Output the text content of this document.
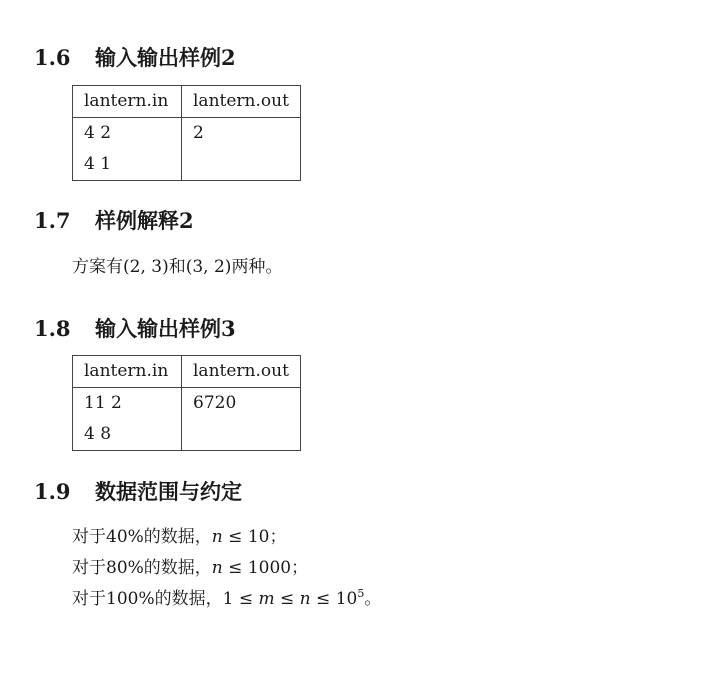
1.6 输入输出样例2
lantern.in	lantern.out
4 2	2
4 1	
1.7 样例解释2
方案有(2, 3)和(3, 2)两种。
1.8 输入输出样例3
lantern.in	lantern.out
11 2	6720
4 8	
1.9 数据范围与约定
对于40%的数据，n ≤ 10；
对于80%的数据，n ≤ 1000；
对于100%的数据，$1 \le m \le n \le 10^5$。
